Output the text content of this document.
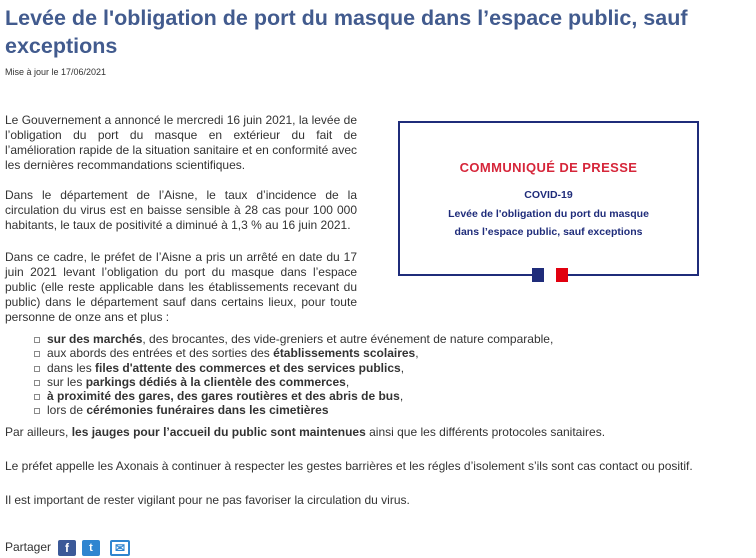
Levée de l'obligation de port du masque dans l’espace public, sauf exceptions
Mise à jour le 17/06/2021

Le Gouvernement a annoncé le mercredi 16 juin 2021, la levée de l’obligation du port du masque en extérieur du fait de l’amélioration rapide de la situation sanitaire et en conformité avec les dernières recommandations scientifiques.

Dans le département de l’Aisne, le taux d’incidence de la circulation du virus est en baisse sensible à 28 cas pour 100 000 habitants, le taux de positivité a diminué à 1,3 % au 16 juin 2021.

Dans ce cadre, le préfet de l’Aisne a pris un arrêté en date du 17 juin 2021 levant l’obligation du port du masque dans l’espace public (elle reste applicable dans les établissements recevant du public) dans le département sauf dans certains lieux, pour toute personne de onze ans et plus :

COMMUNIQUÉ DE PRESSE
COVID-19
Levée de l'obligation du port du masque
dans l’espace public, sauf exceptions
sur des marchés, des brocantes, des vide-greniers et autre événement de nature comparable,
aux abords des entrées et des sorties des établissements scolaires,
dans les files d'attente des commerces et des services publics,
sur les parkings dédiés à la clientèle des commerces,
à proximité des gares, des gares routières et des abris de bus,
lors de cérémonies funéraires dans les cimetières

Par ailleurs, les jauges pour l’accueil du public sont maintenues ainsi que les différents protocoles sanitaires.

Le préfet appelle les Axonais à continuer à respecter les gestes barrières et les régles d’isolement s’ils sont cas contact ou positif.

Il est important de rester vigilant pour ne pas favoriser la circulation du virus.

Partager	f	t	✉
